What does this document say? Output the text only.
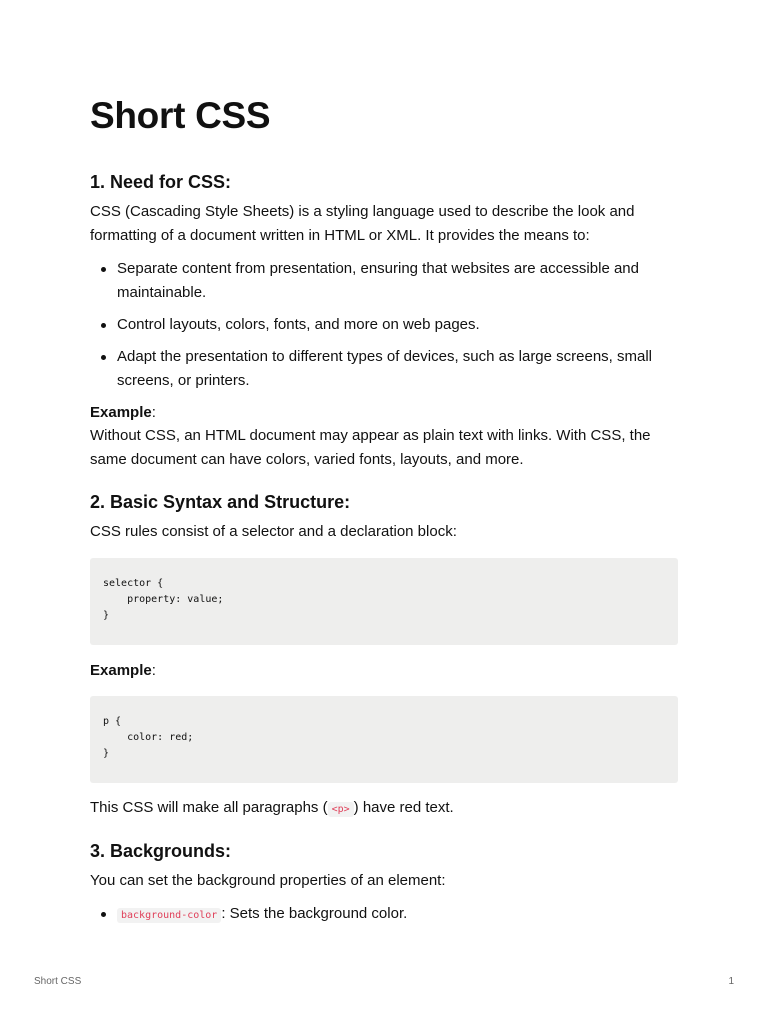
Short CSS
1. Need for CSS:

CSS (Cascading Style Sheets) is a styling language used to describe the look and formatting of a document written in HTML or XML. It provides the means to:

Separate content from presentation, ensuring that websites are accessible and maintainable.
Control layouts, colors, fonts, and more on web pages.
Adapt the presentation to different types of devices, such as large screens, small screens, or printers.

Example:

Without CSS, an HTML document may appear as plain text with links. With CSS, the same document can have colors, varied fonts, layouts, and more.

2. Basic Syntax and Structure:

CSS rules consist of a selector and a declaration block:

selector {
property: value;
}

Example:

p {
color: red;
}

This CSS will make all paragraphs ( <p> ) have red text.

3. Backgrounds:

You can set the background properties of an element:

background-color : Sets the background color.
Short CSS	1
